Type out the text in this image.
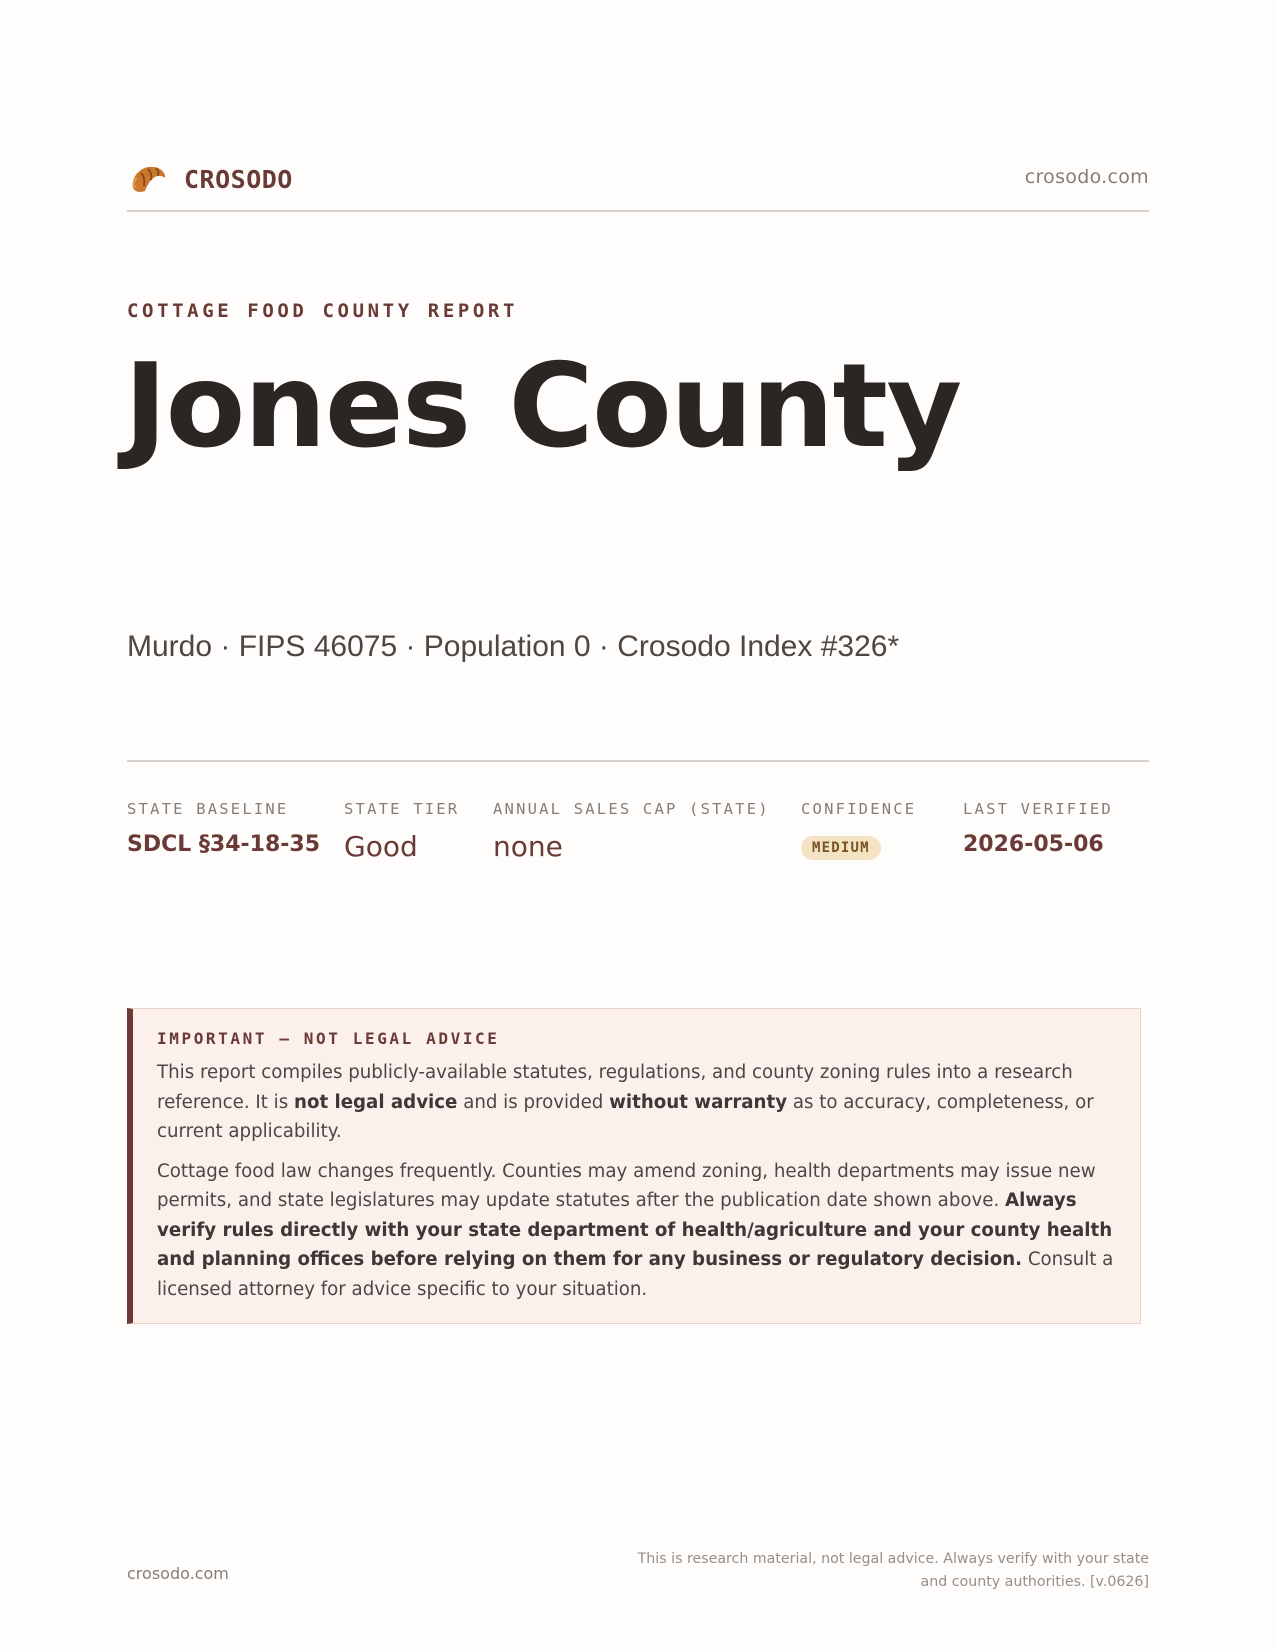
CROSODO	crosodo.com
COTTAGE FOOD COUNTY REPORT
Jones County
Murdo · FIPS 46075 · Population 0 · Crosodo Index #326*
STATE BASELINE
SDCL §34-18-35
STATE TIER
Good
ANNUAL SALES CAP (STATE)
none
CONFIDENCE
MEDIUM
LAST VERIFIED
2026-05-06
IMPORTANT — NOT LEGAL ADVICE

This report compiles publicly-available statutes, regulations, and county zoning rules into a research reference. It is not legal advice and is provided without warranty as to accuracy, completeness, or current applicability.

Cottage food law changes frequently. Counties may amend zoning, health departments may issue new permits, and state legislatures may update statutes after the publication date shown above. Always verify rules directly with your state department of health/agriculture and your county health and planning offices before relying on them for any business or regulatory decision. Consult a licensed attorney for advice specific to your situation.

crosodo.com
This is research material, not legal advice. Always verify with your state
and county authorities. [v.0626]
